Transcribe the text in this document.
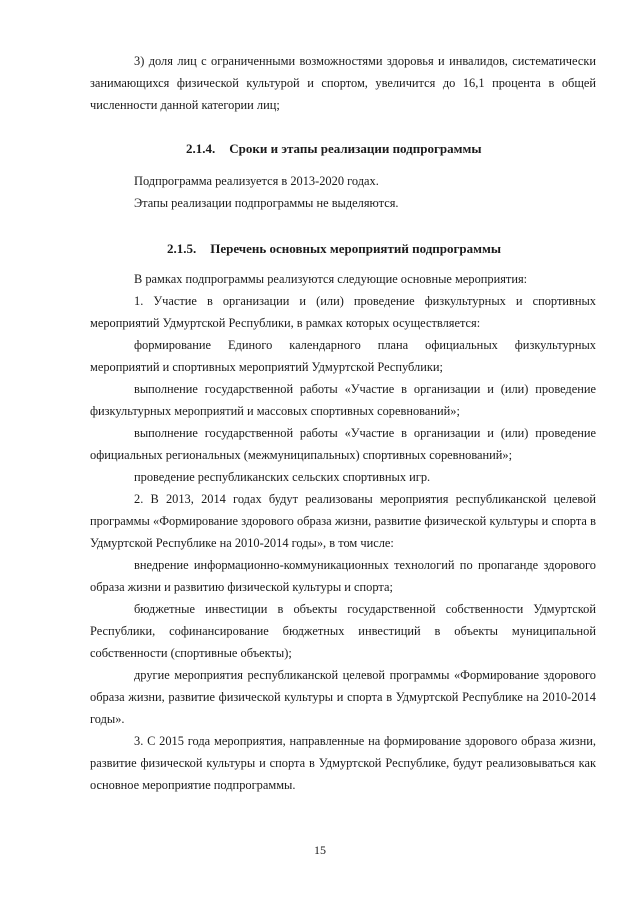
3) доля лиц с ограниченными возможностями здоровья и инвалидов, систематически занимающихся физической культурой и спортом, увеличится до 16,1 процента в общей численности данной категории лиц;

2.1.4. Сроки и этапы реализации подпрограммы

Подпрограмма реализуется в 2013-2020 годах.

Этапы реализации подпрограммы не выделяются.

2.1.5. Перечень основных мероприятий подпрограммы

В рамках подпрограммы реализуются следующие основные мероприятия:

1. Участие в организации и (или) проведение физкультурных и спортивных мероприятий Удмуртской Республики, в рамках которых осуществляется:

формирование Единого календарного плана официальных физкультурных мероприятий и спортивных мероприятий Удмуртской Республики;

выполнение государственной работы «Участие в организации и (или) проведение физкультурных мероприятий и массовых спортивных соревнований»;

выполнение государственной работы «Участие в организации и (или) проведение официальных региональных (межмуниципальных) спортивных соревнований»;

проведение республиканских сельских спортивных игр.

2. В 2013, 2014 годах будут реализованы мероприятия республиканской целевой программы «Формирование здорового образа жизни, развитие физической культуры и спорта в Удмуртской Республике на 2010-2014 годы», в том числе:

внедрение информационно-коммуникационных технологий по пропаганде здорового образа жизни и развитию физической культуры и спорта;

бюджетные инвестиции в объекты государственной собственности Удмуртской Республики, софинансирование бюджетных инвестиций в объекты муниципальной собственности (спортивные объекты);

другие мероприятия республиканской целевой программы «Формирование здорового образа жизни, развитие физической культуры и спорта в Удмуртской Республике на 2010-2014 годы».

3. С 2015 года мероприятия, направленные на формирование здорового образа жизни, развитие физической культуры и спорта в Удмуртской Республике, будут реализовываться как основное мероприятие подпрограммы.

15
